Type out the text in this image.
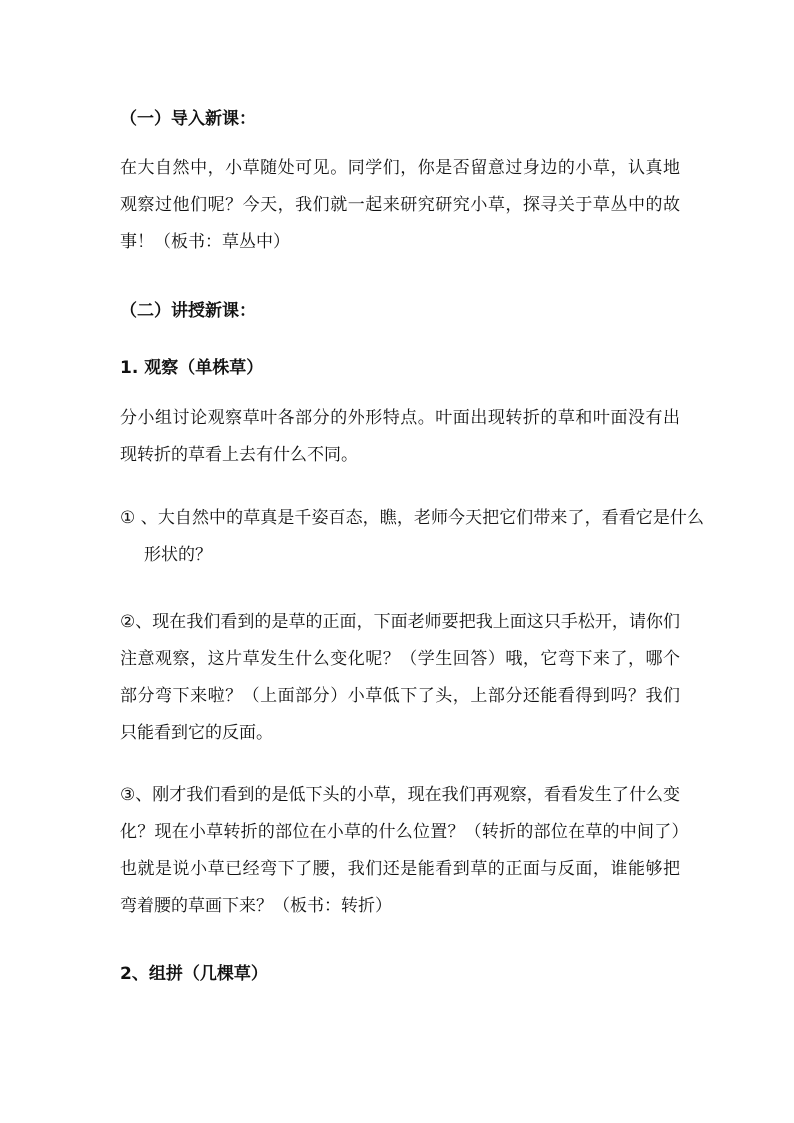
（一）导入新课：

在大自然中，小草随处可见。同学们，你是否留意过身边的小草，认真地观察过他们呢？今天，我们就一起来研究研究小草，探寻关于草丛中的故事！（板书：草丛中）

（二）讲授新课：

1. 观察（单株草）

分小组讨论观察草叶各部分的外形特点。叶面出现转折的草和叶面没有出现转折的草看上去有什么不同。

① 、大自然中的草真是千姿百态，瞧，老师今天把它们带来了，看看它是什么形状的？

②、现在我们看到的是草的正面，下面老师要把我上面这只手松开，请你们注意观察，这片草发生什么变化呢？（学生回答）哦，它弯下来了，哪个部分弯下来啦？（上面部分）小草低下了头，上部分还能看得到吗？我们只能看到它的反面。

③、刚才我们看到的是低下头的小草，现在我们再观察，看看发生了什么变化？现在小草转折的部位在小草的什么位置？（转折的部位在草的中间了）也就是说小草已经弯下了腰，我们还是能看到草的正面与反面，谁能够把弯着腰的草画下来？（板书：转折）

2、组拼（几棵草）
